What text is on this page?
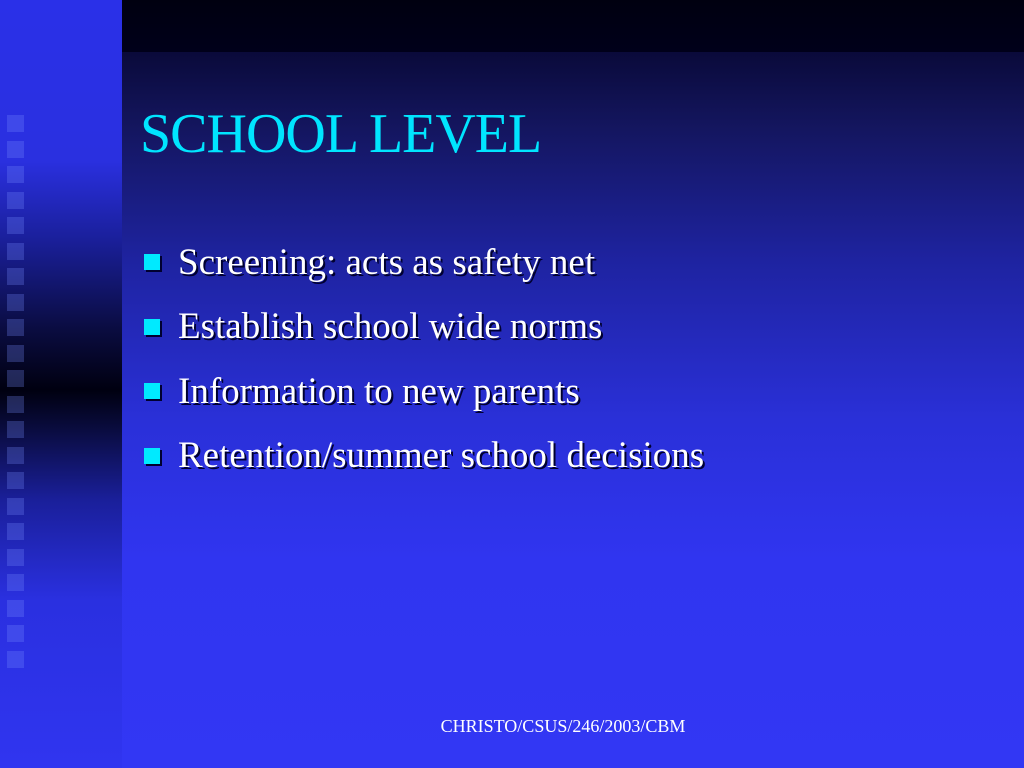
SCHOOL LEVEL
Screening: acts as safety net
Establish school wide norms
Information to new parents
Retention/summer school decisions
CHRISTO/CSUS/246/2003/CBM
